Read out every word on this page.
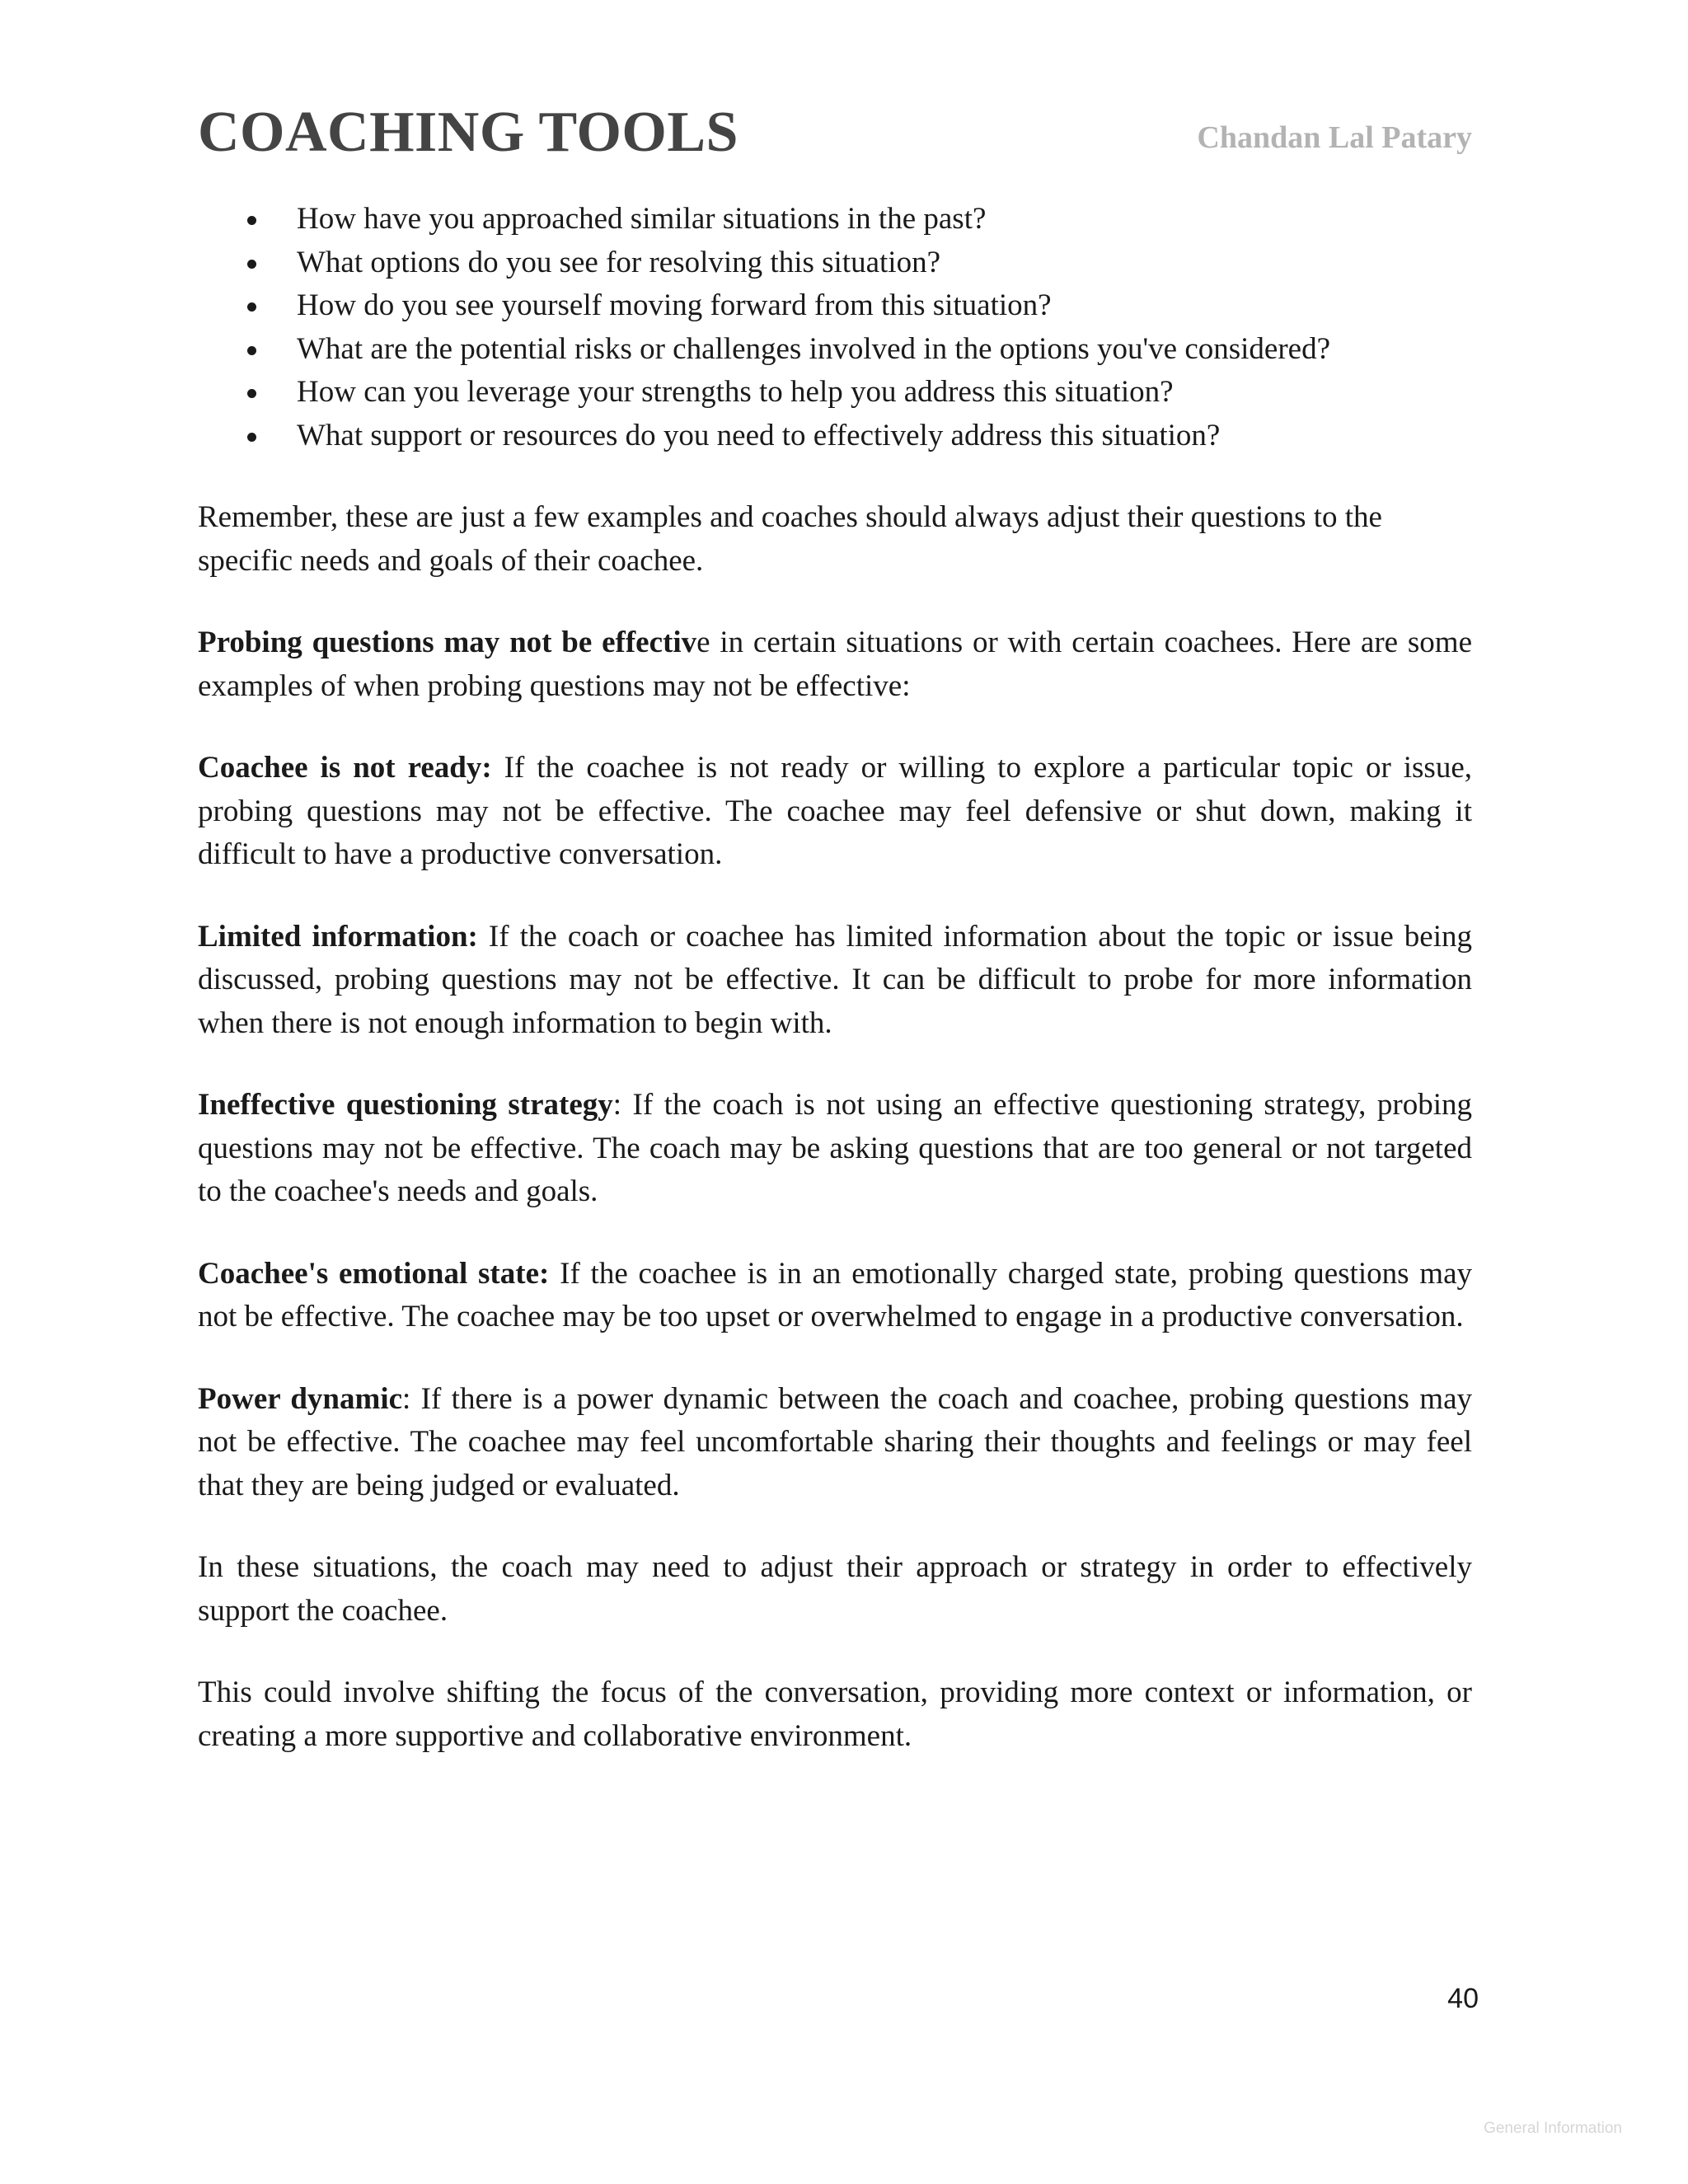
COACHING TOOLS	Chandan Lal Patary
How have you approached similar situations in the past?
What options do you see for resolving this situation?
How do you see yourself moving forward from this situation?
What are the potential risks or challenges involved in the options you've considered?
How can you leverage your strengths to help you address this situation?
What support or resources do you need to effectively address this situation?

Remember, these are just a few examples and coaches should always adjust their questions to the specific needs and goals of their coachee.

Probing questions may not be effective in certain situations or with certain coachees. Here are some examples of when probing questions may not be effective:

Coachee is not ready: If the coachee is not ready or willing to explore a particular topic or issue, probing questions may not be effective. The coachee may feel defensive or shut down, making it difficult to have a productive conversation.

Limited information: If the coach or coachee has limited information about the topic or issue being discussed, probing questions may not be effective. It can be difficult to probe for more information when there is not enough information to begin with.

Ineffective questioning strategy: If the coach is not using an effective questioning strategy, probing questions may not be effective. The coach may be asking questions that are too general or not targeted to the coachee's needs and goals.

Coachee's emotional state: If the coachee is in an emotionally charged state, probing questions may not be effective. The coachee may be too upset or overwhelmed to engage in a productive conversation.

Power dynamic: If there is a power dynamic between the coach and coachee, probing questions may not be effective. The coachee may feel uncomfortable sharing their thoughts and feelings or may feel that they are being judged or evaluated.

In these situations, the coach may need to adjust their approach or strategy in order to effectively support the coachee.

This could involve shifting the focus of the conversation, providing more context or information, or creating a more supportive and collaborative environment.

40
General Information
